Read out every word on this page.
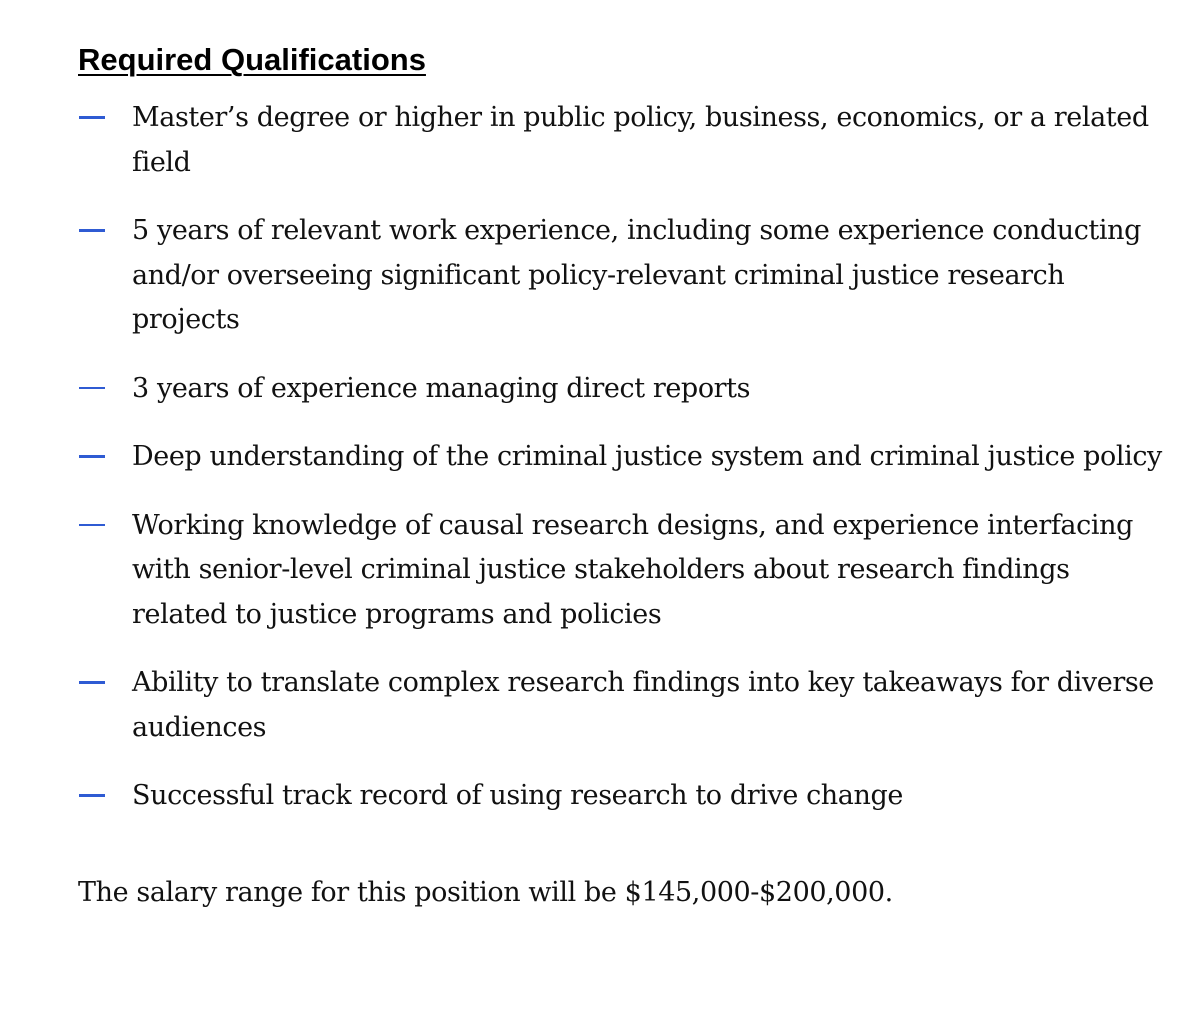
Required Qualifications
Master’s degree or higher in public policy, business, economics, or a related field
5 years of relevant work experience, including some experience conducting and/or overseeing significant policy-relevant criminal justice research projects
3 years of experience managing direct reports
Deep understanding of the criminal justice system and criminal justice policy
Working knowledge of causal research designs, and experience interfacing with senior-level criminal justice stakeholders about research findings related to justice programs and policies
Ability to translate complex research findings into key takeaways for diverse audiences
Successful track record of using research to drive change

The salary range for this position will be $145,000-$200,000.
